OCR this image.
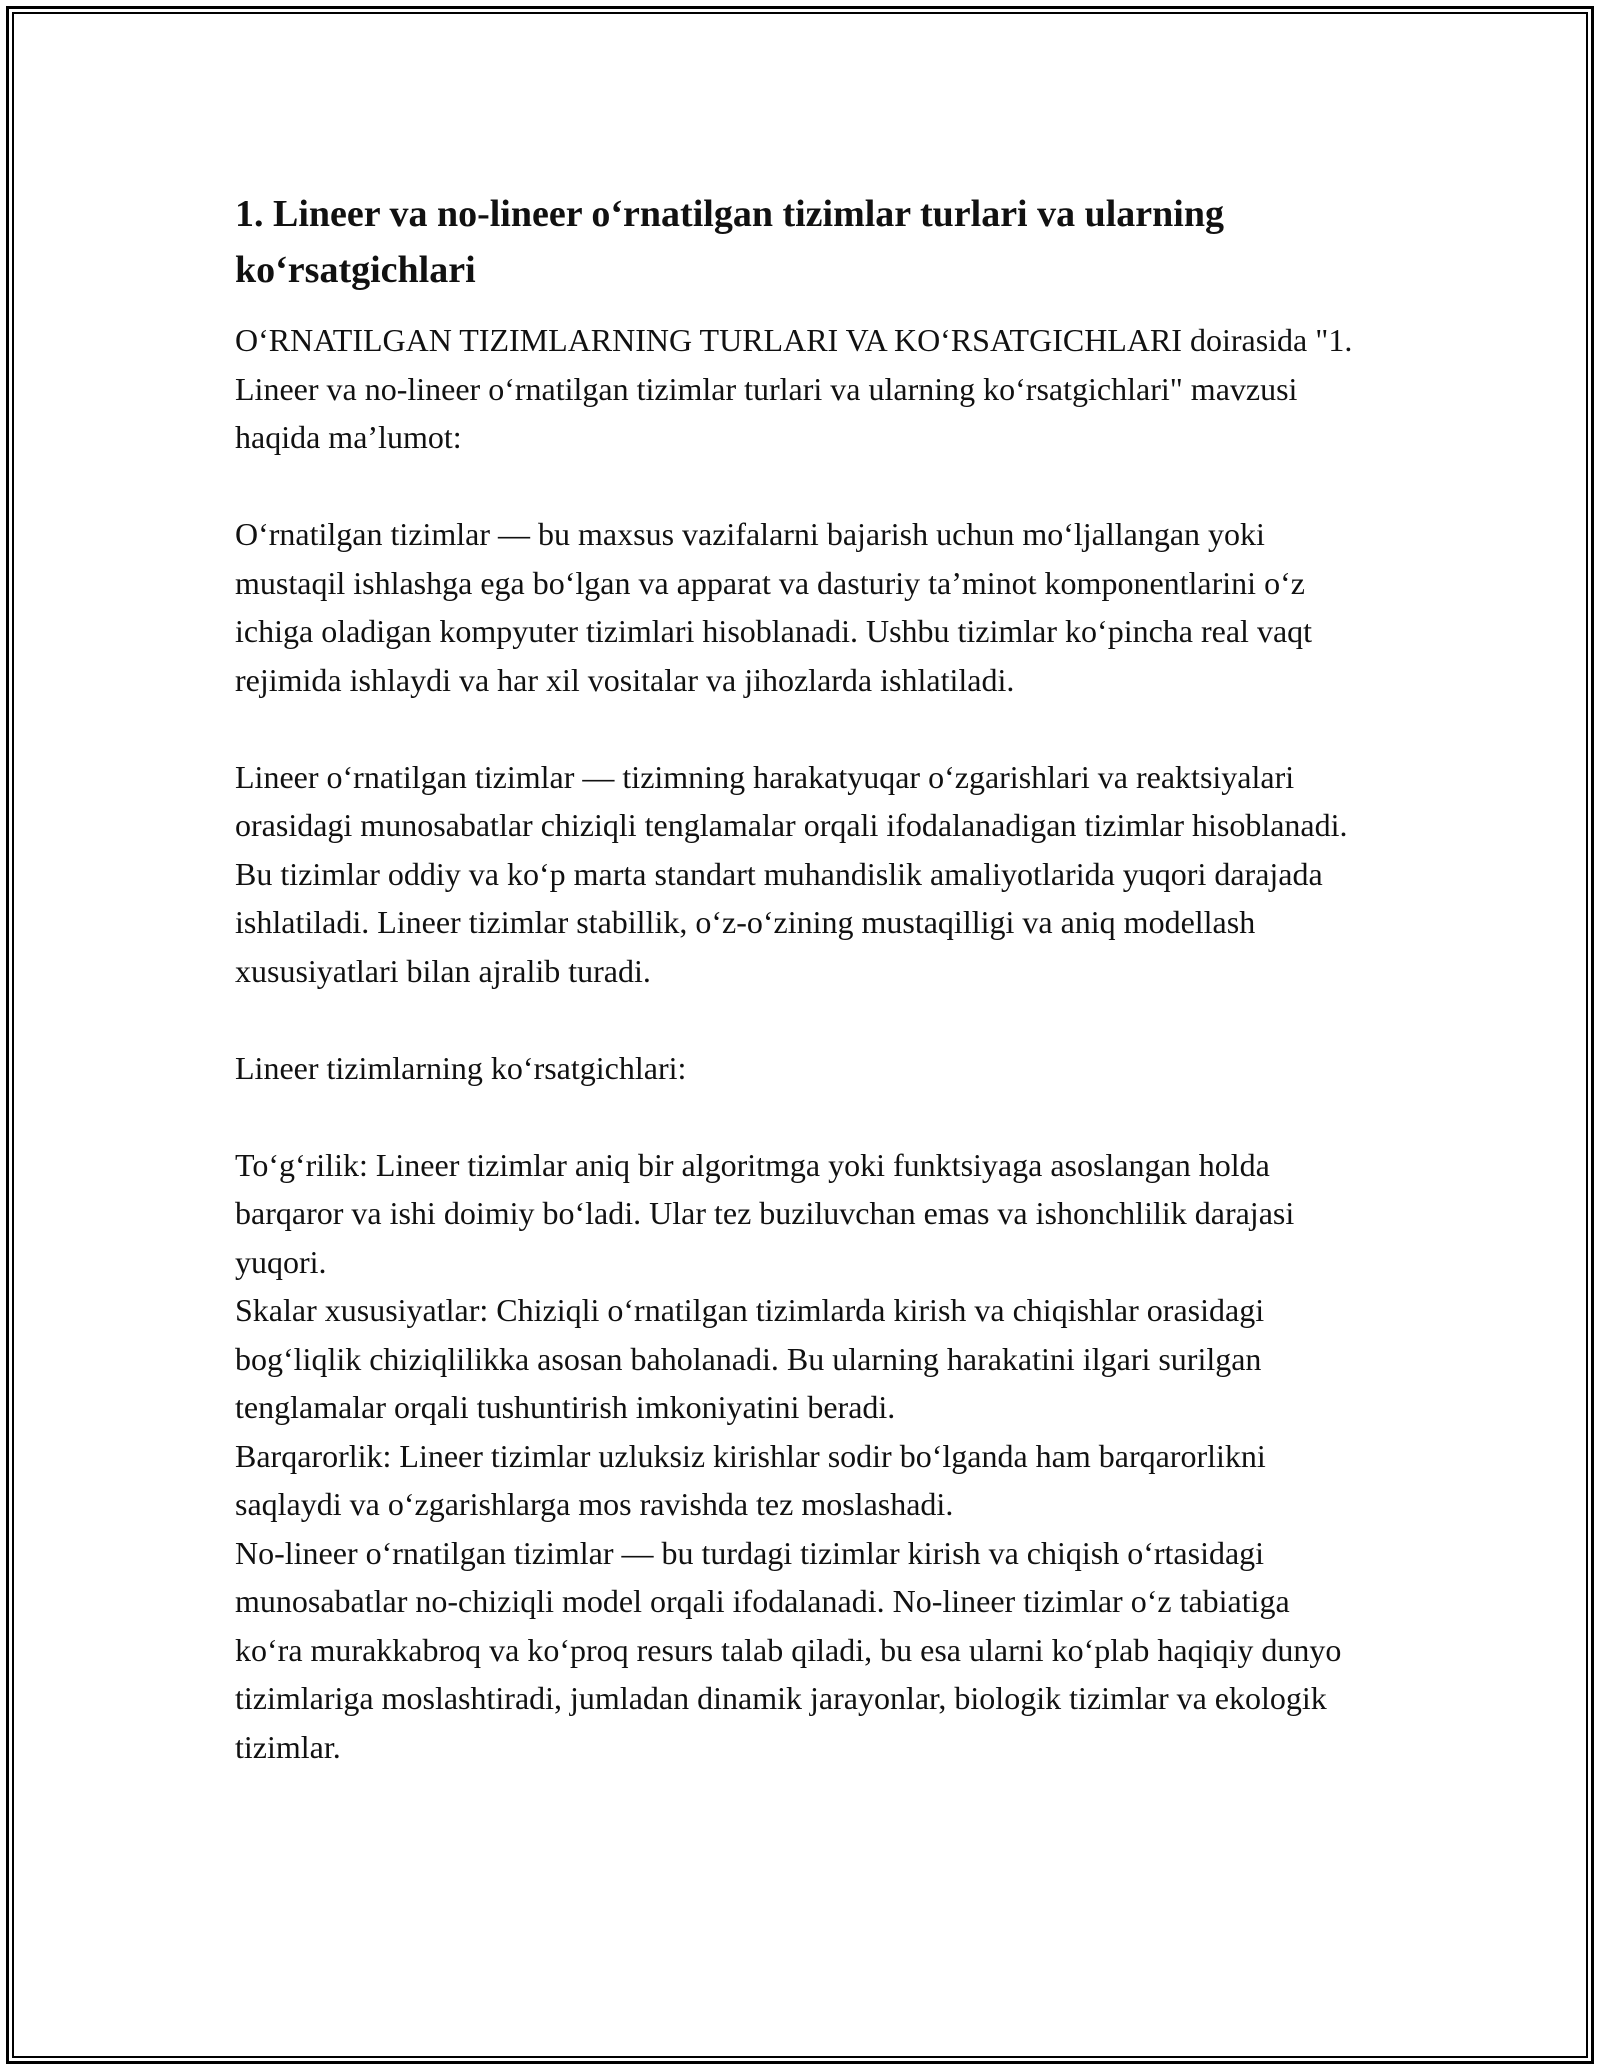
1. Lineer va no-lineer oʻrnatilgan tizimlar turlari va ularning koʻrsatgichlari

OʻRNATILGAN TIZIMLARNING TURLARI VA KOʻRSATGICHLARI doirasida "1. Lineer va no-lineer oʻrnatilgan tizimlar turlari va ularning koʻrsatgichlari" mavzusi haqida maʼlumot:

Oʻrnatilgan tizimlar — bu maxsus vazifalarni bajarish uchun moʻljallangan yoki mustaqil ishlashga ega boʻlgan va apparat va dasturiy taʼminot komponentlarini oʻz ichiga oladigan kompyuter tizimlari hisoblanadi. Ushbu tizimlar koʻpincha real vaqt rejimida ishlaydi va har xil vositalar va jihozlarda ishlatiladi.

Lineer oʻrnatilgan tizimlar — tizimning harakatyuqar oʻzgarishlari va reaktsiyalari orasidagi munosabatlar chiziqli tenglamalar orqali ifodalanadigan tizimlar hisoblanadi. Bu tizimlar oddiy va koʻp marta standart muhandislik amaliyotlarida yuqori darajada ishlatiladi. Lineer tizimlar stabillik, oʻz-oʻzining mustaqilligi va aniq modellash xususiyatlari bilan ajralib turadi.

Lineer tizimlarning koʻrsatgichlari:

Toʻgʻrilik: Lineer tizimlar aniq bir algoritmga yoki funktsiyaga asoslangan holda barqaror va ishi doimiy boʻladi. Ular tez buziluvchan emas va ishonchlilik darajasi yuqori.

Skalar xususiyatlar: Chiziqli oʻrnatilgan tizimlarda kirish va chiqishlar orasidagi bogʻliqlik chiziqlilikka asosan baholanadi. Bu ularning harakatini ilgari surilgan tenglamalar orqali tushuntirish imkoniyatini beradi.

Barqarorlik: Lineer tizimlar uzluksiz kirishlar sodir boʻlganda ham barqarorlikni saqlaydi va oʻzgarishlarga mos ravishda tez moslashadi.

No-lineer oʻrnatilgan tizimlar — bu turdagi tizimlar kirish va chiqish oʻrtasidagi munosabatlar no-chiziqli model orqali ifodalanadi. No-lineer tizimlar oʻz tabiatiga koʻra murakkabroq va koʻproq resurs talab qiladi, bu esa ularni koʻplab haqiqiy dunyo tizimlariga moslashtiradi, jumladan dinamik jarayonlar, biologik tizimlar va ekologik tizimlar.
